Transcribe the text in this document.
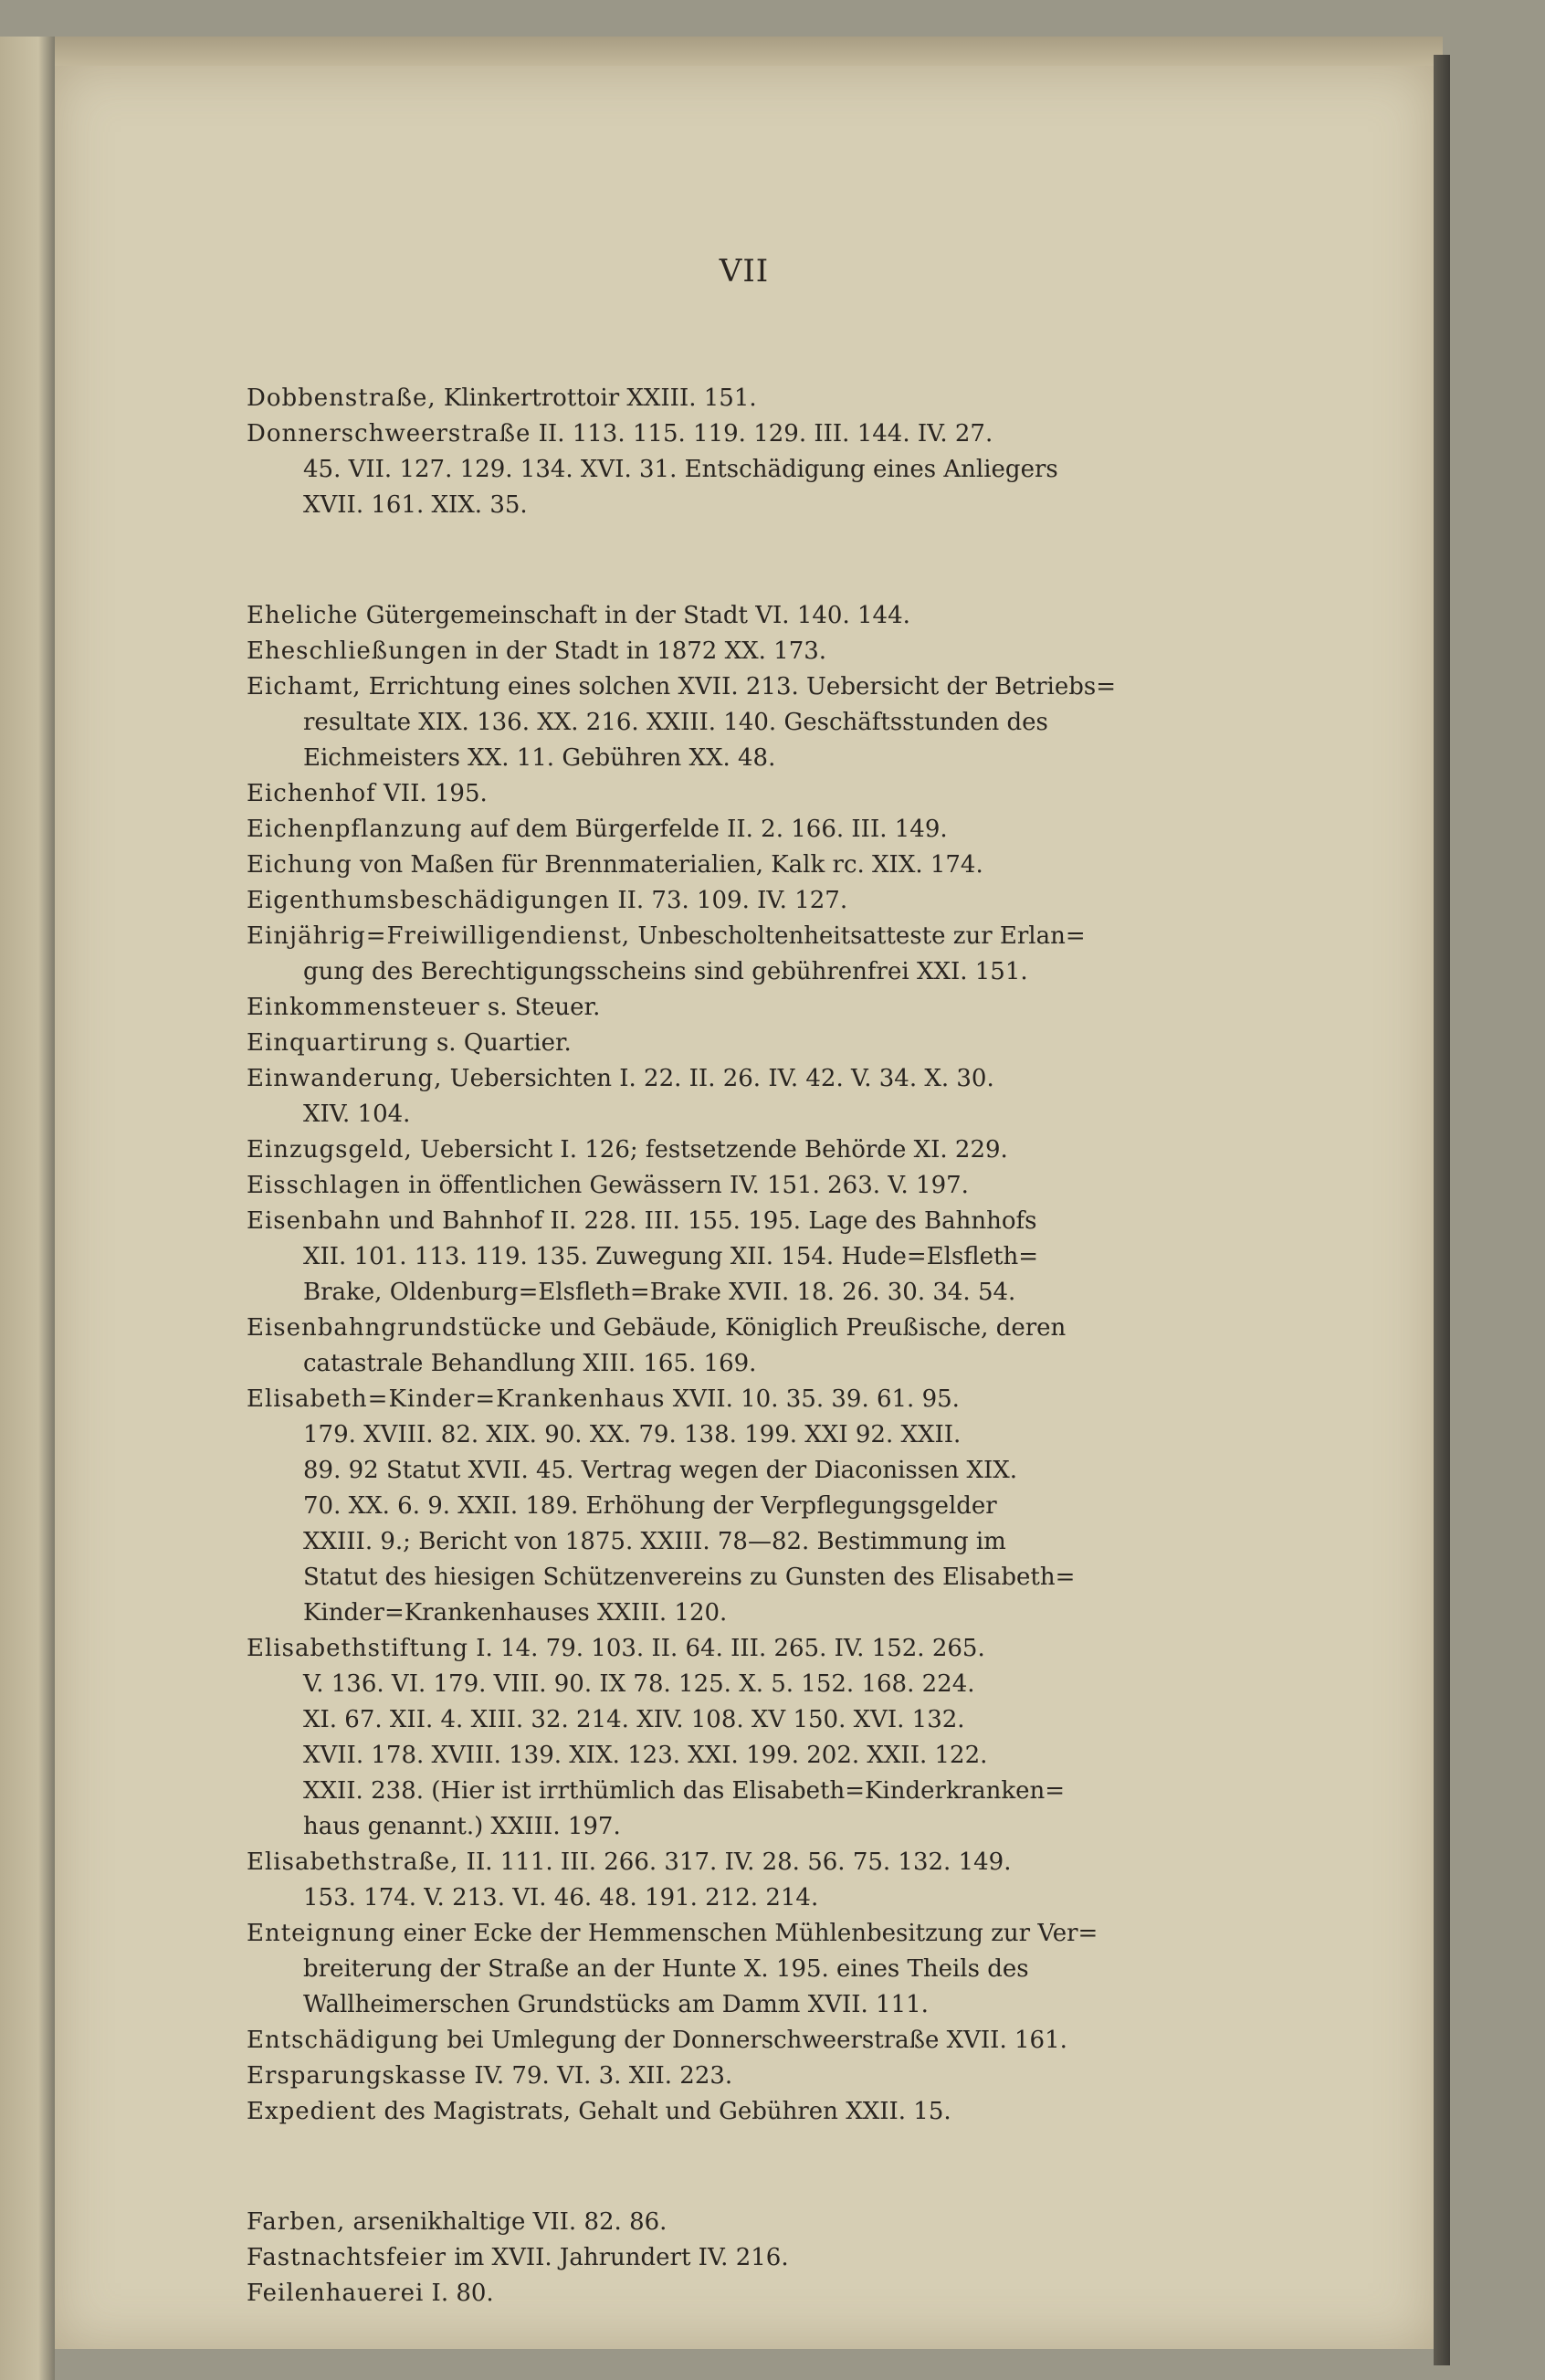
VII
Dobbenstraße, Klinkertrottoir XXIII. 151.
Donnerschweerstraße II. 113. 115. 119. 129. III. 144. IV. 27.
45. VII. 127. 129. 134. XVI. 31. Entschädigung eines Anliegers
XVII. 161. XIX. 35.
Eheliche Gütergemeinschaft in der Stadt VI. 140. 144.
Eheschließungen in der Stadt in 1872 XX. 173.
Eichamt, Errichtung eines solchen XVII. 213. Uebersicht der Betriebs=
resultate XIX. 136. XX. 216. XXIII. 140. Geschäftsstunden des
Eichmeisters XX. 11. Gebühren XX. 48.
Eichenhof VII. 195.
Eichenpflanzung auf dem Bürgerfelde II. 2. 166. III. 149.
Eichung von Maßen für Brennmaterialien, Kalk rc. XIX. 174.
Eigenthumsbeschädigungen II. 73. 109. IV. 127.
Einjährig=Freiwilligendienst, Unbescholtenheitsatteste zur Erlan=
gung des Berechtigungsscheins sind gebührenfrei XXI. 151.
Einkommensteuer s. Steuer.
Einquartirung s. Quartier.
Einwanderung, Uebersichten I. 22. II. 26. IV. 42. V. 34. X. 30.
XIV. 104.
Einzugsgeld, Uebersicht I. 126; festsetzende Behörde XI. 229.
Eisschlagen in öffentlichen Gewässern IV. 151. 263. V. 197.
Eisenbahn und Bahnhof II. 228. III. 155. 195. Lage des Bahnhofs
XII. 101. 113. 119. 135. Zuwegung XII. 154. Hude=Elsfleth=
Brake, Oldenburg=Elsfleth=Brake XVII. 18. 26. 30. 34. 54.
Eisenbahngrundstücke und Gebäude, Königlich Preußische, deren
catastrale Behandlung XIII. 165. 169.
Elisabeth=Kinder=Krankenhaus XVII. 10. 35. 39. 61. 95.
179. XVIII. 82. XIX. 90. XX. 79. 138. 199. XXI 92. XXII.
89. 92 Statut XVII. 45. Vertrag wegen der Diaconissen XIX.
70. XX. 6. 9. XXII. 189. Erhöhung der Verpflegungsgelder
XXIII. 9.; Bericht von 1875. XXIII. 78—82. Bestimmung im
Statut des hiesigen Schützenvereins zu Gunsten des Elisabeth=
Kinder=Krankenhauses XXIII. 120.
Elisabethstiftung I. 14. 79. 103. II. 64. III. 265. IV. 152. 265.
V. 136. VI. 179. VIII. 90. IX 78. 125. X. 5. 152. 168. 224.
XI. 67. XII. 4. XIII. 32. 214. XIV. 108. XV 150. XVI. 132.
XVII. 178. XVIII. 139. XIX. 123. XXI. 199. 202. XXII. 122.
XXII. 238. (Hier ist irrthümlich das Elisabeth=Kinderkranken=
haus genannt.) XXIII. 197.
Elisabethstraße, II. 111. III. 266. 317. IV. 28. 56. 75. 132. 149.
153. 174. V. 213. VI. 46. 48. 191. 212. 214.
Enteignung einer Ecke der Hemmenschen Mühlenbesitzung zur Ver=
breiterung der Straße an der Hunte X. 195. eines Theils des
Wallheimerschen Grundstücks am Damm XVII. 111.
Entschädigung bei Umlegung der Donnerschweerstraße XVII. 161.
Ersparungskasse IV. 79. VI. 3. XII. 223.
Expedient des Magistrats, Gehalt und Gebühren XXII. 15.
Farben, arsenikhaltige VII. 82. 86.
Fastnachtsfeier im XVII. Jahrundert IV. 216.
Feilenhauerei I. 80.
